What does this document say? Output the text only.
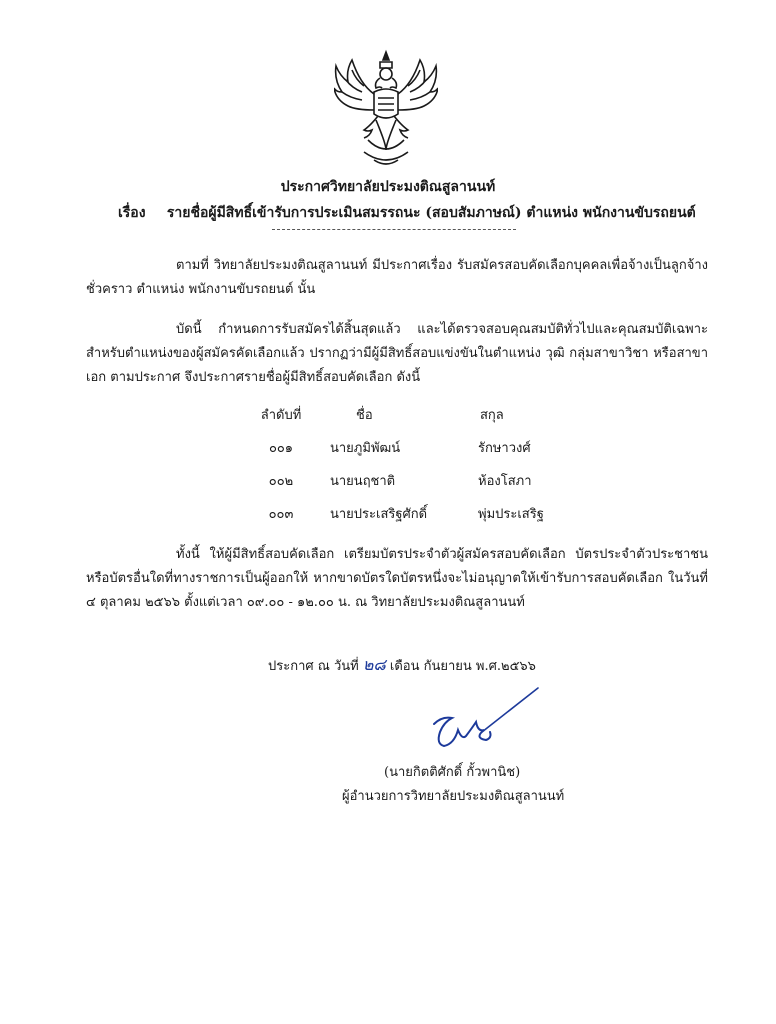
ประกาศวิทยาลัยประมงติณสูลานนท์
เรื่อง รายชื่อผู้มีสิทธิ์เข้ารับการประเมินสมรรถนะ (สอบสัมภาษณ์) ตำแหน่ง พนักงานขับรถยนต์
ตามที่ วิทยาลัยประมงติณสูลานนท์ มีประกาศเรื่อง รับสมัครสอบคัดเลือกบุคคลเพื่อจ้างเป็นลูกจ้างชั่วคราว ตำแหน่ง พนักงานขับรถยนต์ นั้น
บัดนี้ กำหนดการรับสมัครได้สิ้นสุดแล้ว และได้ตรวจสอบคุณสมบัติทั่วไปและคุณสมบัติเฉพาะสำหรับตำแหน่งของผู้สมัครคัดเลือกแล้ว ปรากฏว่ามีผู้มีสิทธิ์สอบแข่งขันในตำแหน่ง วุฒิ กลุ่มสาขาวิชา หรือสาขาเอก ตามประกาศ จึงประกาศรายชื่อผู้มีสิทธิ์สอบคัดเลือก ดังนี้
ลำดับที่	ชื่อ	สกุล
๐๐๑	นายภูมิพัฒน์	รักษาวงศ์
๐๐๒	นายนฤชาติ	ห้องโสภา
๐๐๓	นายประเสริฐศักดิ์	พุ่มประเสริฐ
ทั้งนี้ ให้ผู้มีสิทธิ์สอบคัดเลือก เตรียมบัตรประจำตัวผู้สมัครสอบคัดเลือก บัตรประจำตัวประชาชน หรือบัตรอื่นใดที่ทางราชการเป็นผู้ออกให้ หากขาดบัตรใดบัตรหนึ่งจะไม่อนุญาตให้เข้ารับการสอบคัดเลือก ในวันที่ ๔ ตุลาคม ๒๕๖๖ ตั้งแต่เวลา ๐๙.๐๐ - ๑๒.๐๐ น. ณ วิทยาลัยประมงติณสูลานนท์
ประกาศ ณ วันที่ ๒๘ เดือน กันยายน พ.ศ.๒๕๖๖
(นายกิตติศักดิ์ กั้วพานิช)
ผู้อำนวยการวิทยาลัยประมงติณสูลานนท์
